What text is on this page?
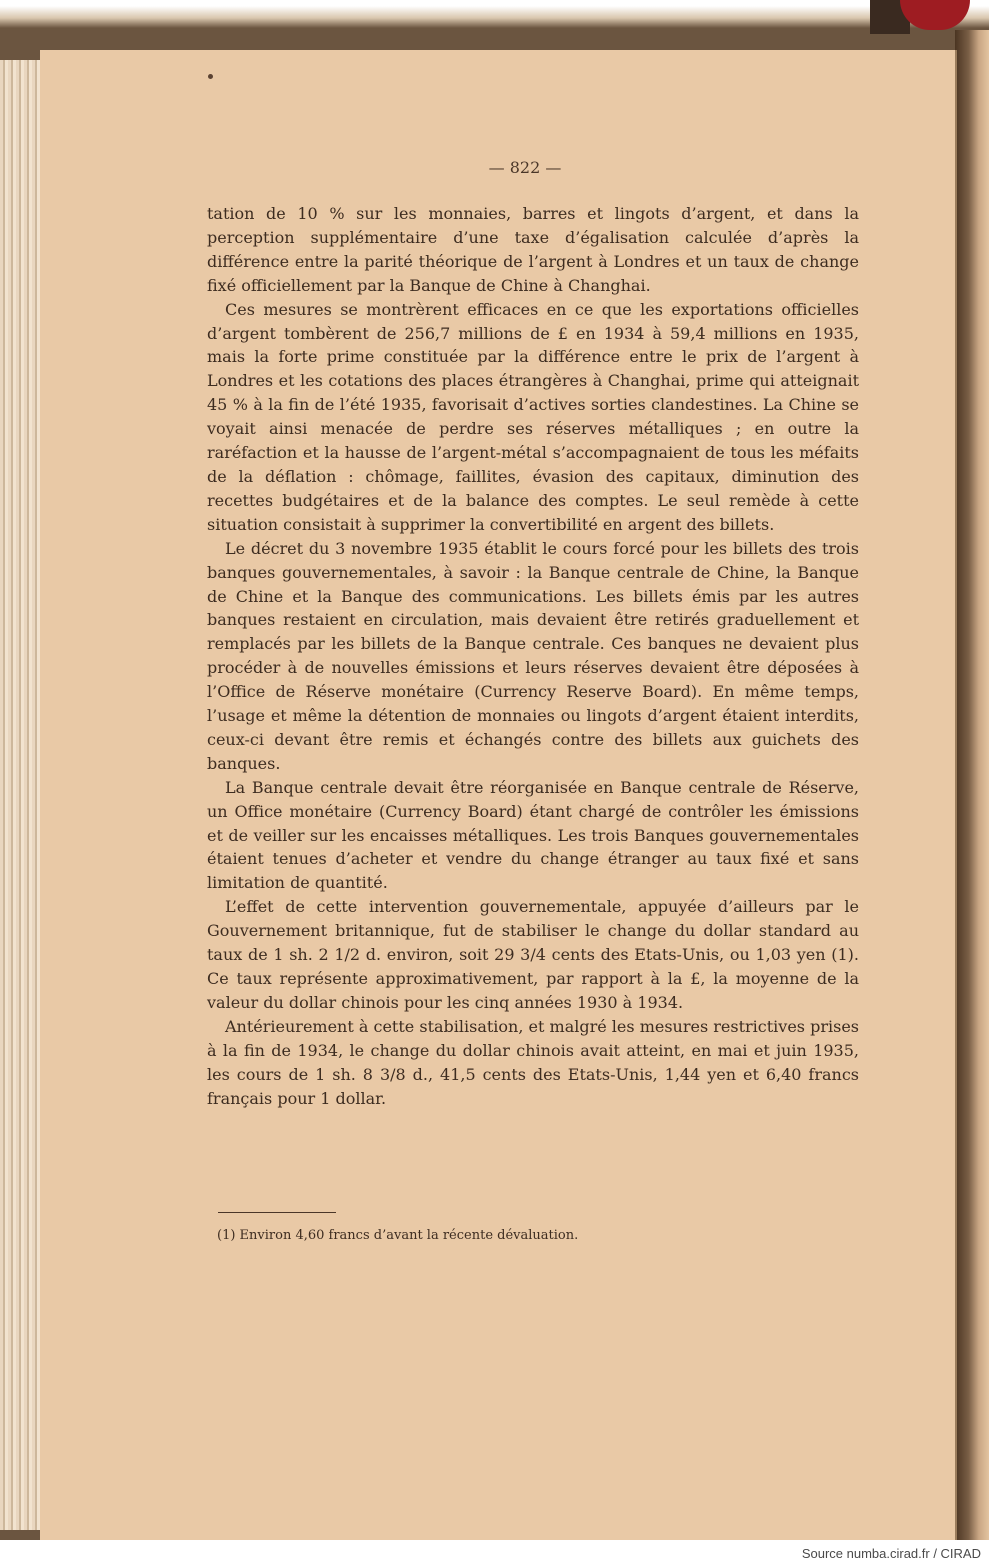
— 822 —

tation de 10 % sur les monnaies, barres et lingots d’argent, et dans la perception supplémentaire d’une taxe d’égalisation calculée d’après la différence entre la parité théorique de l’argent à Londres et un taux de change fixé officiellement par la Banque de Chine à Changhai.

Ces mesures se montrèrent efficaces en ce que les exportations officielles d’argent tombèrent de 256,7 millions de £ en 1934 à 59,4 millions en 1935, mais la forte prime constituée par la différence entre le prix de l’argent à Londres et les cotations des places étrangères à Changhai, prime qui atteignait 45 % à la fin de l’été 1935, favorisait d’actives sorties clandestines. La Chine se voyait ainsi menacée de perdre ses réserves métalliques ; en outre la raréfaction et la hausse de l’argent-métal s’accompagnaient de tous les méfaits de la déflation : chômage, faillites, évasion des capitaux, diminution des recettes budgétaires et de la balance des comptes. Le seul remède à cette situation consistait à supprimer la convertibilité en argent des billets.

Le décret du 3 novembre 1935 établit le cours forcé pour les billets des trois banques gouvernementales, à savoir : la Banque centrale de Chine, la Banque de Chine et la Banque des communications. Les billets émis par les autres banques restaient en circulation, mais devaient être retirés graduellement et remplacés par les billets de la Banque centrale. Ces banques ne devaient plus procéder à de nouvelles émissions et leurs réserves devaient être déposées à l’Office de Réserve monétaire (Currency Reserve Board). En même temps, l’usage et même la détention de monnaies ou lingots d’argent étaient interdits, ceux-ci devant être remis et échangés contre des billets aux guichets des banques.

La Banque centrale devait être réorganisée en Banque centrale de Réserve, un Office monétaire (Currency Board) étant chargé de contrôler les émissions et de veiller sur les encaisses métalliques. Les trois Banques gouvernementales étaient tenues d’acheter et vendre du change étranger au taux fixé et sans limitation de quantité.

L’effet de cette intervention gouvernementale, appuyée d’ailleurs par le Gouvernement britannique, fut de stabiliser le change du dollar standard au taux de 1 sh. 2 1/2 d. environ, soit 29 3/4 cents des Etats-Unis, ou 1,03 yen (1). Ce taux représente approximativement, par rapport à la £, la moyenne de la valeur du dollar chinois pour les cinq années 1930 à 1934.

Antérieurement à cette stabilisation, et malgré les mesures restrictives prises à la fin de 1934, le change du dollar chinois avait atteint, en mai et juin 1935, les cours de 1 sh. 8 3/8 d., 41,5 cents des Etats-Unis, 1,44 yen et 6,40 francs français pour 1 dollar.

(1) Environ 4,60 francs d’avant la récente dévaluation.
Source numba.cirad.fr / CIRAD
